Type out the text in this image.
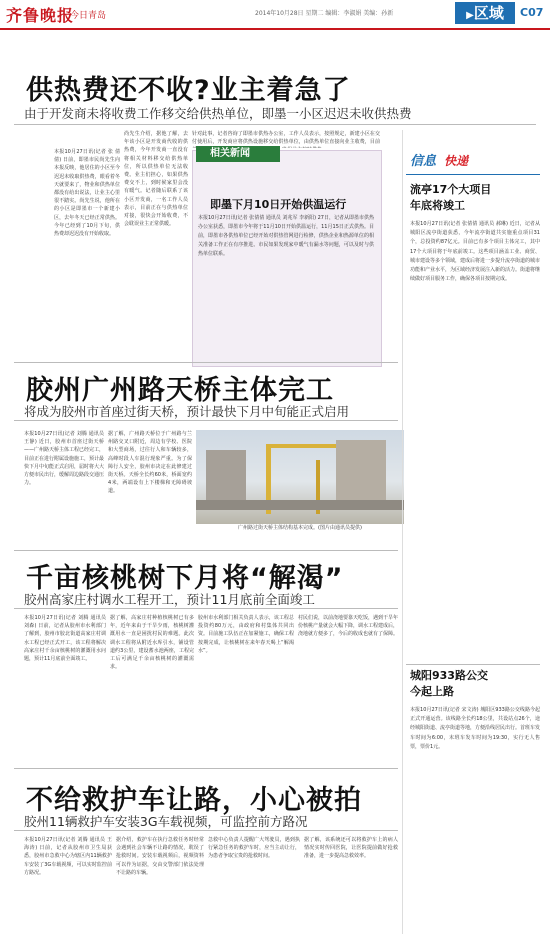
齐鲁晚报
今日青岛	2014年10月28日 星期二 编辑：李淑娟 美编：孙新	▶区域	C07
供热费还不收?业主着急了
由于开发商未将收费工作移交给供热单位，即墨一小区迟迟未收供热费
本报10月27日讯(记者 张 倩倩) 日前，即墨市民尚先生向本报反映，他居住的小区至今迟迟未收取供热费，眼看着冬天就要来了，物业和供热单位都没有给出说法，让业主心里很不踏实。尚先生说，他所在的小区是即墨市一个新建小区，去年冬天已经正常供热。今年已经到了10月下旬，供热费却迟迟没有开始收取。
尚先生介绍，据他了解，去年该小区是开发商代收的供热费，今年开发商一直没有将相关材料移交给供热单位，所以供热单位无法收费。业主们担心，如果供热费交不上，到时候家里会没有暖气。记者随后联系了该小区开发商，一名工作人员表示，目前正在与供热单位对接，很快会开始收费，不会耽误业主正常供暖。
针对此事，记者咨询了即墨市供热办公室，工作人员表示，按照规定，新建小区在交付使用后，开发商应将供热设施移交给供热单位，由供热单位直接向业主收费，目前
相关新闻
即墨下月10日开始供温运行
本报10月27日讯(记者 张倩倩 通讯员 刘兆军 李新阳) 27日，记者从即墨市供热办公室获悉，即墨市今年将于11月10日开始供温运行，11月15日正式供热。目前，即墨市各供热单位已经开始对供热管网进行检修，供热企业和热源单位的相关准备工作正在有序推进。市民如果发现家中暖气有漏水等问题，可以及时与供热单位联系。
胶州广州路天桥主体完工
将成为胶州市首座过街天桥，预计最快下月中旬能正式启用
本报10月27日讯(记者 刘腾 通讯员 王静) 近日，胶州市首座过街天桥——广州路天桥主体工程已经完工，目前正在进行附属设施施工，预计最快下月中旬能正式启用，届时将大大方便市民出行，缓解周边路段交通压力。
据了解，广州路天桥位于广州路与兰州路交叉口附近，周边有学校、医院和大型商场，过往行人和车辆较多，高峰时段人车混行现象严重。为了保障行人安全，胶州市决定在此修建过街天桥。天桥全长约60米，桥面宽约4米，两端设有上下楼梯和无障碍坡道。
广州路过街天桥主体结构基本完成。(图片由通讯员提供)
千亩核桃树下月将“解渴”
胶州高家庄村调水工程开工，预计11月底前全面竣工
本报10月27日讯(记者 刘腾 通讯员 刘森) 日前，记者从胶州市水利部门了解到，胶州市胶北街道高家庄村调水工程已经正式开工，该工程将解决高家庄村千余亩核桃树的灌溉用水问题，预计11月底前全面竣工。
据了解，高家庄村种植核桃树已有多年，近年来由于干旱少雨，核桃树灌溉用水一直是困扰村民的难题。此次调水工程将从附近水库引水，铺设管道约3公里，建设蓄水池两座，工程完工后可满足千余亩核桃树的灌溉需求。
胶州市水利部门相关负责人表示，该工程总投资约80万元，由政府和村集体共同出资。目前施工队伍正在加紧施工，确保工程按期完成，让核桃树在来年春天喝上“解渴水”。
村民们说，以前浇地要靠天吃饭，遇到干旱年份核桃产量就会大幅下降，调水工程建成后，浇地就方便多了，今后的收成也就有了保障。
不给救护车让路，小心被拍
胶州11辆救护车安装3G车载视频，可监控前方路况
本报10月27日讯(记者 刘腾 通讯员 王海涛) 日前，记者从胶州市卫生局获悉，胶州市急救中心为辖区内11辆救护车安装了3G车载视频，可以实时监控前方路况。
据介绍，救护车在执行急救任务时经常会遇到社会车辆不让路的情况，耽误了抢救时间。安装车载视频后，视频资料可以作为证据，交由交警部门依法处理不让路的车辆。
急救中心负责人提醒广大驾驶员，遇到执行紧急任务的救护车时，应当主动让行，为患者争取宝贵的抢救时间。
据了解，该系统还可以将救护车上的病人情况实时传回医院，让医院提前做好抢救准备，进一步提高急救效率。
信息 快递
流亭17个大项目
年底将竣工
本报10月27日讯(记者 张倩倩 通讯员 郝琳) 近日，记者从城阳区流亭街道获悉，今年流亭街道共实施重点项目31个，总投资约87亿元。目前已有多个项目主体完工，其中17个大项目将于年底前竣工。这些项目涵盖工业、商贸、城市建设等多个领域，建成后将进一步提升流亭街道的城市功能和产业水平，为区域经济发展注入新的活力。街道将继续做好项目服务工作，确保各项目按期完成。
城阳933路公交
今起上路
本报10月27日讯(记者 宋文涛) 城阳区933路公交线路今起正式开通运营。该线路全长约18公里，共设站点26个，途经城阳街道、流亭街道等地，方便沿线居民出行。首班车发车时间为6:00，末班车发车时间为19:30，实行无人售票，票价1元。
